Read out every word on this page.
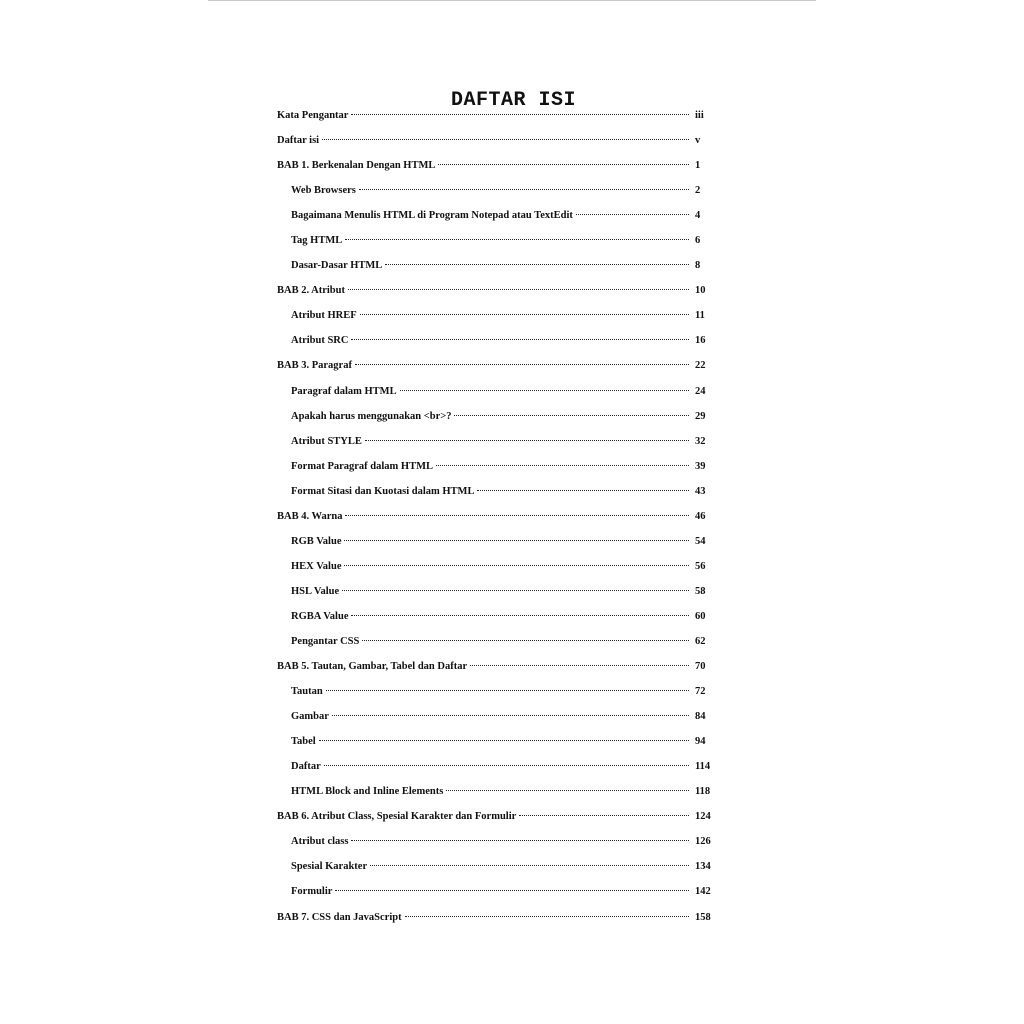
DAFTAR ISI
Kata Pengantar	iii
Daftar isi	v
BAB 1. Berkenalan Dengan HTML	1
Web Browsers	2
Bagaimana Menulis HTML di Program Notepad atau TextEdit	4
Tag HTML	6
Dasar-Dasar HTML	8
BAB 2. Atribut	10
Atribut HREF	11
Atribut SRC	16
BAB 3. Paragraf	22
Paragraf dalam HTML	24
Apakah harus menggunakan <br>?	29
Atribut STYLE	32
Format Paragraf dalam HTML	39
Format Sitasi dan Kuotasi dalam HTML	43
BAB 4. Warna	46
RGB Value	54
HEX Value	56
HSL Value	58
RGBA Value	60
Pengantar CSS	62
BAB 5. Tautan, Gambar, Tabel dan Daftar	70
Tautan	72
Gambar	84
Tabel	94
Daftar	114
HTML Block and Inline Elements	118
BAB 6. Atribut Class, Spesial Karakter dan Formulir	124
Atribut class	126
Spesial Karakter	134
Formulir	142
BAB 7. CSS dan JavaScript	158
